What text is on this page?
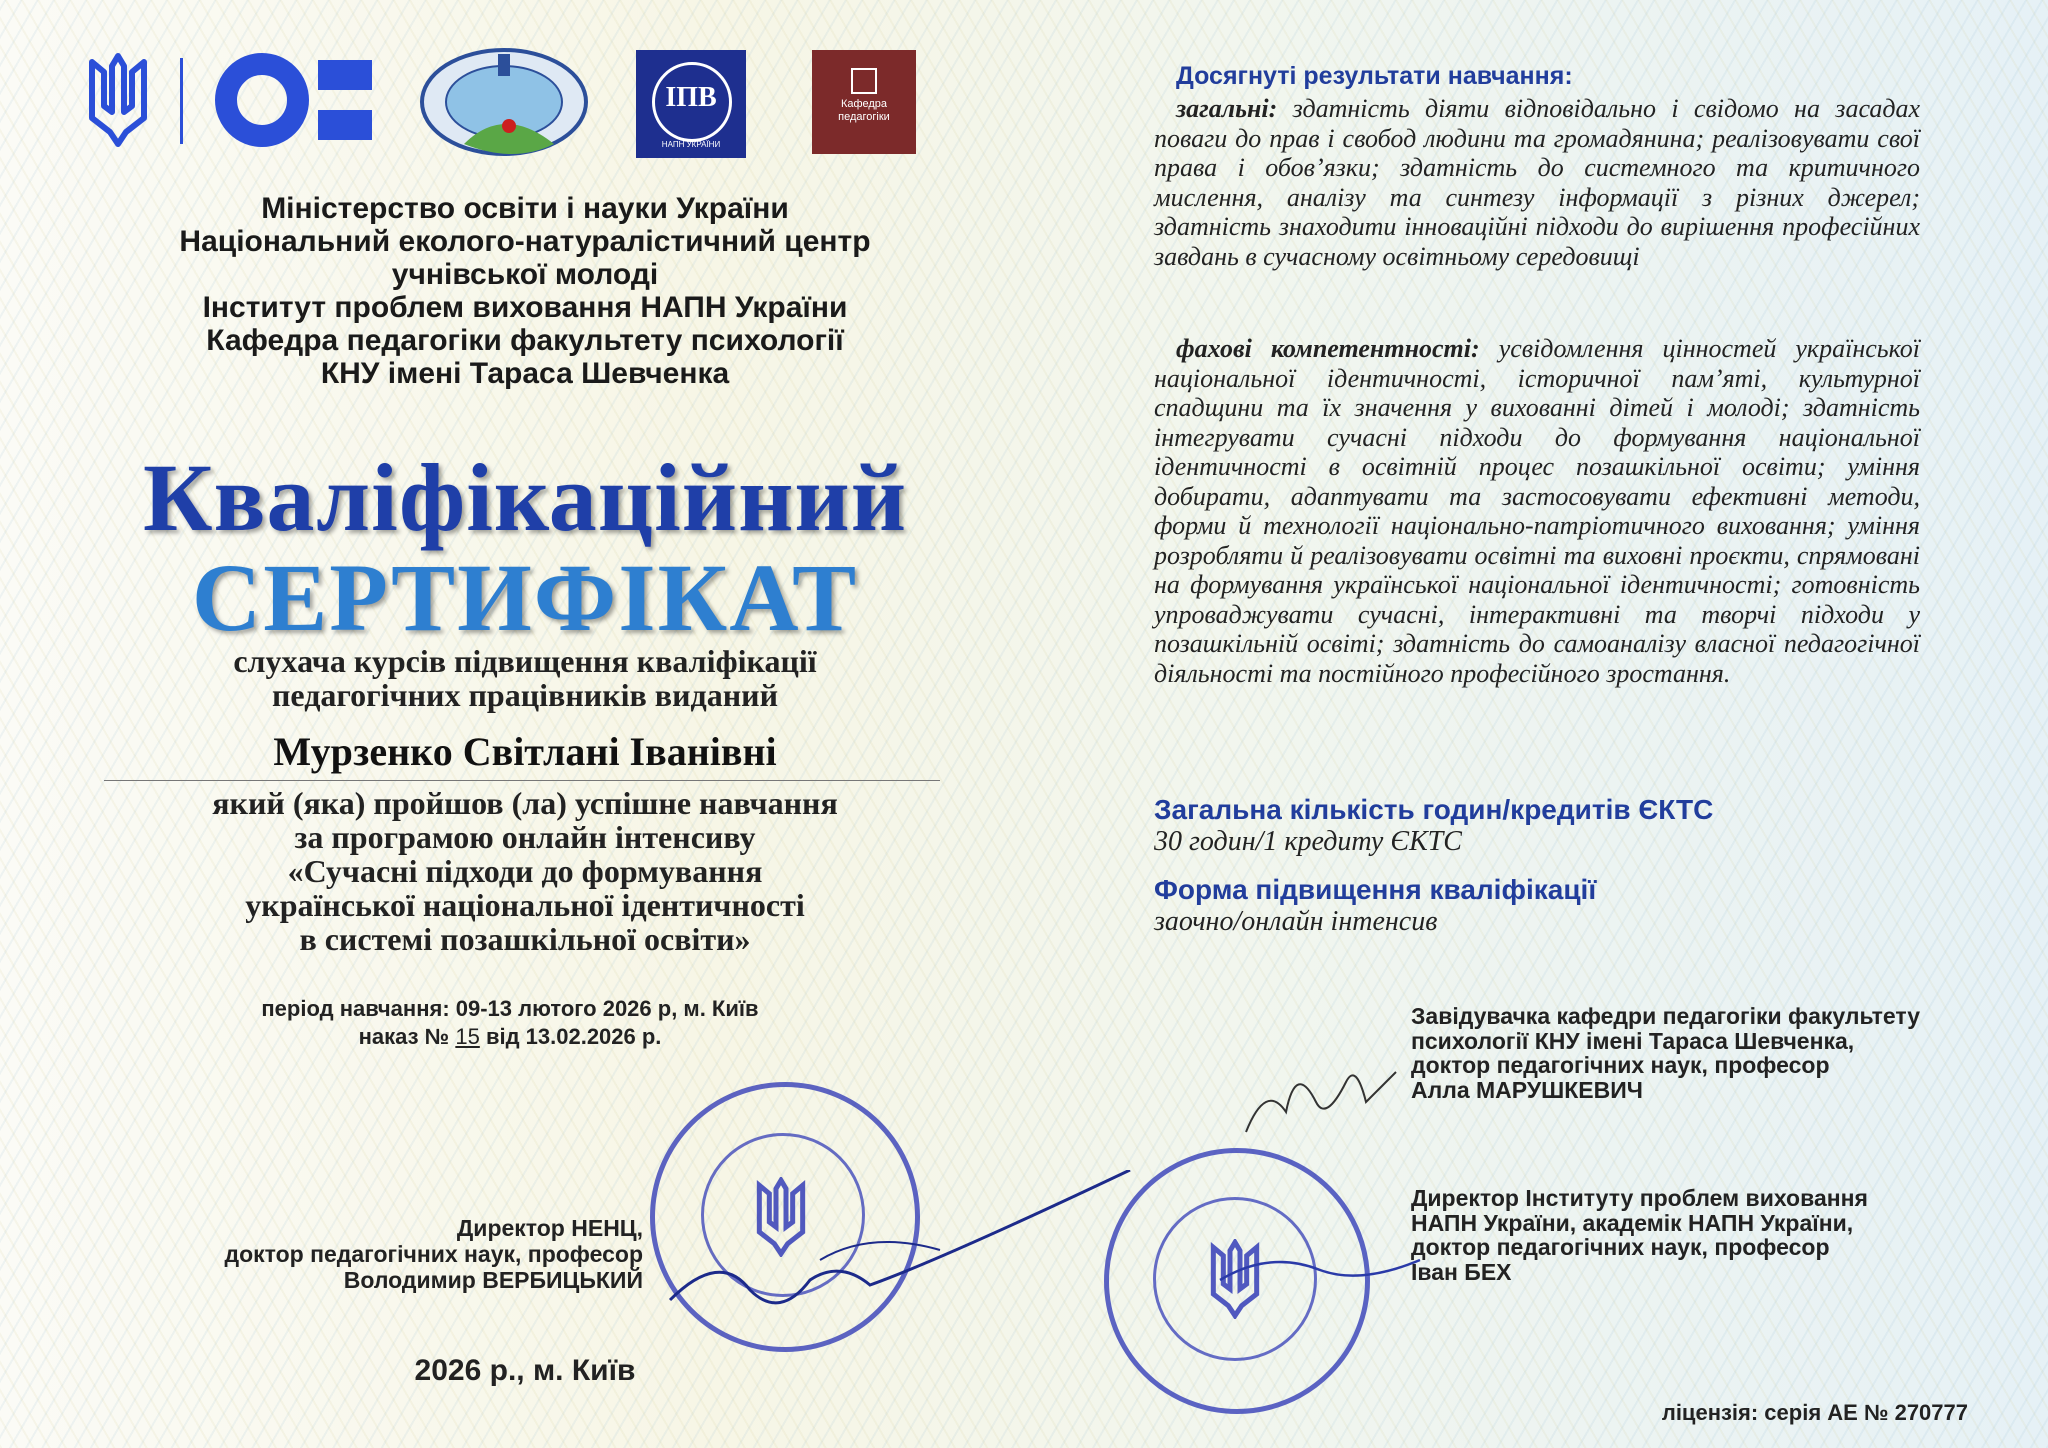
ІПВ
НАПН УКРАЇНИ
Кафедра
педагогіки
Міністерство освіти і науки України
Національний еколого-натуралістичний центр
учнівської молоді
Інститут проблем виховання НАПН України
Кафедра педагогіки факультету психології
КНУ імені Тараса Шевченка
Кваліфікаційний
СЕРТИФІКАТ
слухача курсів підвищення кваліфікації
педагогічних працівників виданий
Мурзенко Світлані Іванівні
який (яка) пройшов (ла) успішне навчання
за програмою онлайн інтенсиву
«Сучасні підходи до формування
української національної ідентичності
в системі позашкільної освіти»
період навчання: 09-13 лютого 2026 р, м. Київ
наказ № 15 від 13.02.2026 р.
Директор НЕНЦ,
доктор педагогічних наук, професор
Володимир ВЕРБИЦЬКИЙ
2026 р., м. Київ
Досягнуті результати навчання:
загальні: здатність діяти відповідально і свідомо на засадах поваги до прав і свобод людини та громадянина; реалізовувати свої права і обов’язки; здатність до системного та критичного мислення, аналізу та синтезу інформації з різних джерел; здатність знаходити інноваційні підходи до вирішення професійних завдань в сучасному освітньому середовищі
фахові компетентності: усвідомлення цінностей української національної ідентичності, історичної пам’яті, культурної спадщини та їх значення у вихованні дітей і молоді; здатність інтегрувати сучасні підходи до формування національної ідентичності в освітній процес позашкільної освіти; уміння добирати, адаптувати та застосовувати ефективні методи, форми й технології національно-патріотичного виховання; уміння розробляти й реалізовувати освітні та виховні проєкти, спрямовані на формування української національної ідентичності; готовність упроваджувати сучасні, інтерактивні та творчі підходи у позашкільній освіті; здатність до самоаналізу власної педагогічної діяльності та постійного професійного зростання.
Загальна кількість годин/кредитів ЄКТС
30 годин/1 кредиту ЄКТС
Форма підвищення кваліфікації
заочно/онлайн інтенсив
Завідувачка кафедри педагогіки факультету
психології КНУ імені Тараса Шевченка,
доктор педагогічних наук, професор
Алла МАРУШКЕВИЧ
Директор Інституту проблем виховання
НАПН України, академік НАПН України,
доктор педагогічних наук, професор
Іван БЕХ
ліцензія: серія АЕ № 270777
